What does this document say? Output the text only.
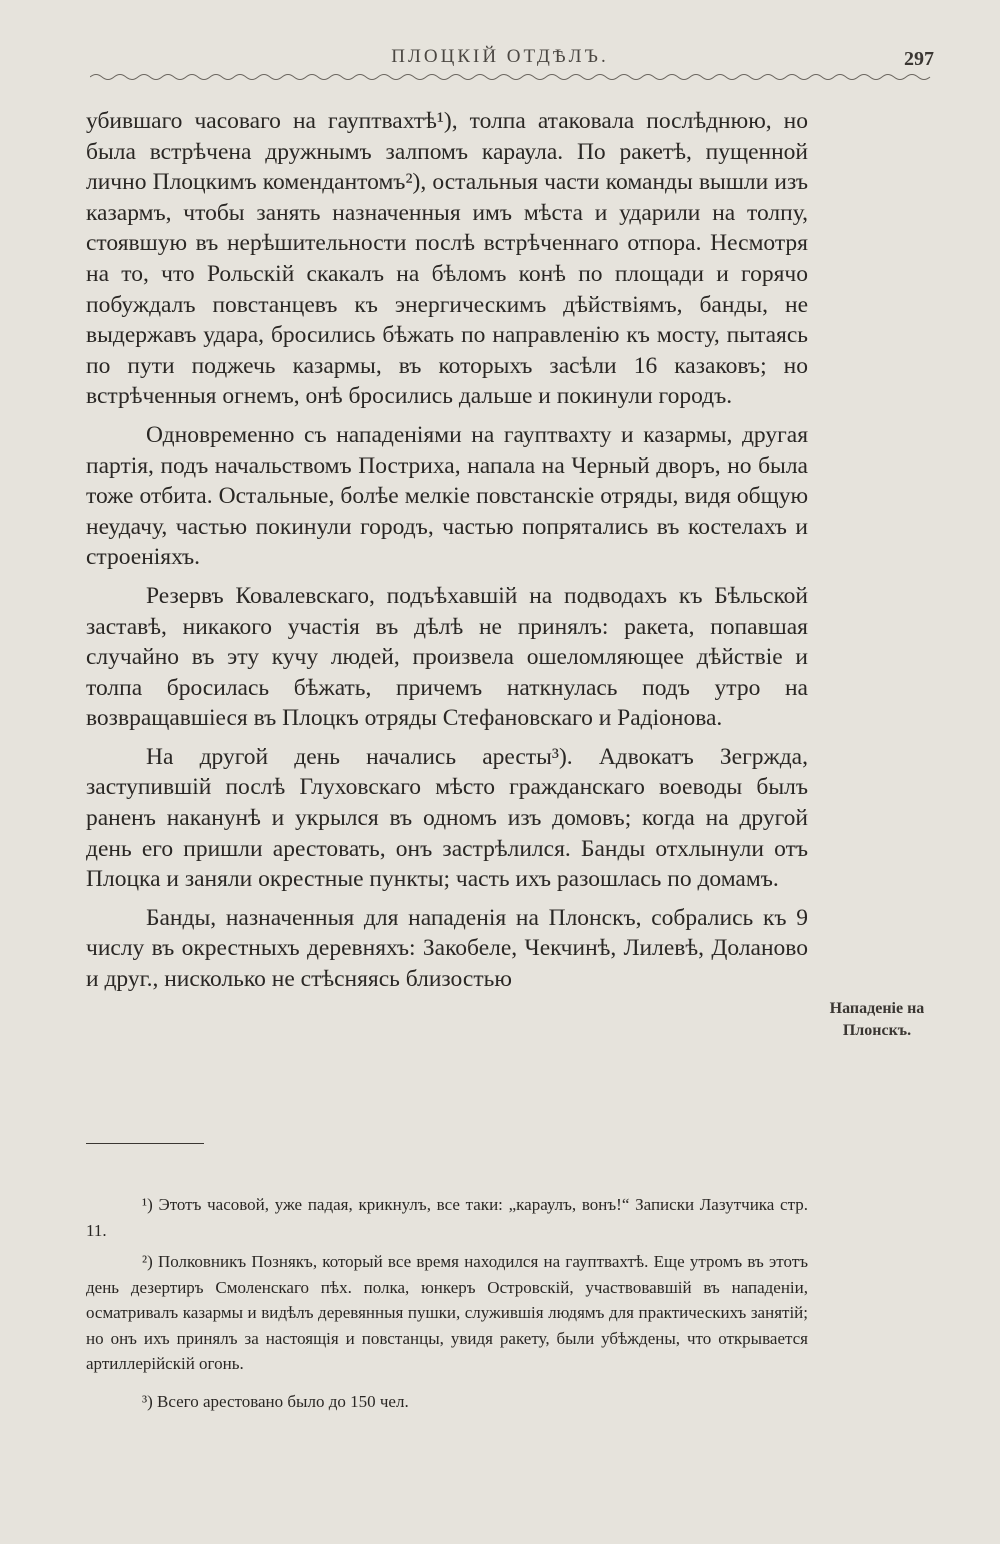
ПЛОЦКІЙ ОТДѢЛЪ.	297

убившаго часоваго на гауптвахтѣ¹), толпа атаковала послѣднюю, но была встрѣчена дружнымъ залпомъ караула. По ракетѣ, пущенной лично Плоцкимъ комендантомъ²), остальныя части команды вышли изъ казармъ, чтобы занять назначенныя имъ мѣста и ударили на толпу, стоявшую въ нерѣшительности послѣ встрѣченнаго отпора. Несмотря на то, что Рольскій скакалъ на бѣломъ конѣ по площади и горячо побуждалъ повстанцевъ къ энергическимъ дѣйствіямъ, банды, не выдержавъ удара, бросились бѣжать по направленію къ мосту, пытаясь по пути поджечь казармы, въ которыхъ засѣли 16 казаковъ; но встрѣченныя огнемъ, онѣ бросились дальше и покинули городъ.

Одновременно съ нападеніями на гауптвахту и казармы, другая партія, подъ начальствомъ Постриха, напала на Черный дворъ, но была тоже отбита. Остальные, болѣе мелкіе повстанскіе отряды, видя общую неудачу, частью покинули городъ, частью попрятались въ костелахъ и строеніяхъ.

Резервъ Ковалевскаго, подъѣхавшій на подводахъ къ Бѣльской заставѣ, никакого участія въ дѣлѣ не принялъ: ракета, попавшая случайно въ эту кучу людей, произвела ошеломляющее дѣйствіе и толпа бросилась бѣжать, причемъ наткнулась подъ утро на возвращавшіеся въ Плоцкъ отряды Стефановскаго и Радіонова.

На другой день начались аресты³). Адвокатъ Зегржда, заступившій послѣ Глуховскаго мѣсто гражданскаго воеводы былъ раненъ наканунѣ и укрылся въ одномъ изъ домовъ; когда на другой день его пришли арестовать, онъ застрѣлился. Банды отхлынули отъ Плоцка и заняли окрестные пункты; часть ихъ разошлась по домамъ.

Банды, назначенныя для нападенія на Плонскъ, собрались къ 9 числу въ окрестныхъ деревняхъ: Закобеле, Чекчинѣ, Лилевѣ, Доланово и друг., нисколько не стѣсняясь близостью

Нападеніе на Плонскъ.

¹) Этотъ часовой, уже падая, крикнулъ, все таки: „караулъ, вонъ!“ Записки Лазутчика стр. 11.

²) Полковникъ Познякъ, который все время находился на гауптвахтѣ. Еще утромъ въ этотъ день дезертиръ Смоленскаго пѣх. полка, юнкеръ Островскій, участвовавшій въ нападеніи, осматривалъ казармы и видѣлъ деревянныя пушки, служившія людямъ для практическихъ занятій; но онъ ихъ принялъ за настоящія и повстанцы, увидя ракету, были убѣждены, что открывается артиллерійскій огонь.

³) Всего арестовано было до 150 чел.
